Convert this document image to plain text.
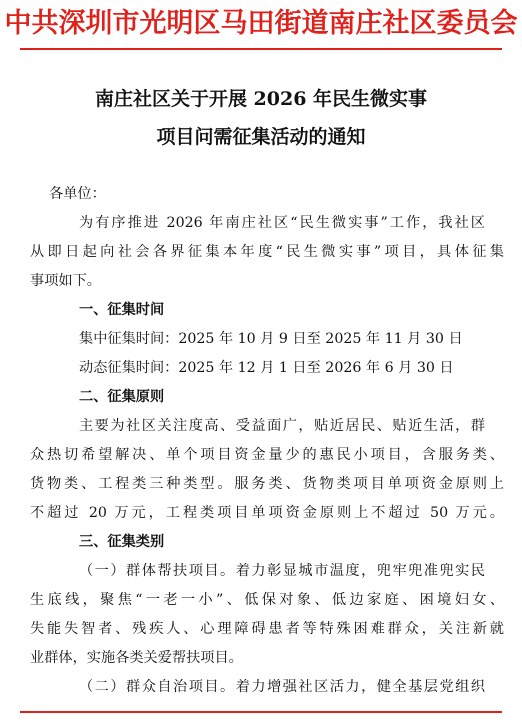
中共深圳市光明区马田街道南庄社区委员会
南庄社区关于开展 2026 年民生微实事
项目问需征集活动的通知
各单位：
为有序推进 2026 年南庄社区“民生微实事”工作，我社区
从即日起向社会各界征集本年度“民生微实事”项目，具体征集
事项如下。
一、征集时间
集中征集时间：2025 年 10 月 9 日至 2025 年 11 月 30 日
动态征集时间：2025 年 12 月 1 日至 2026 年 6 月 30 日
二、征集原则
主要为社区关注度高、受益面广，贴近居民、贴近生活，群
众热切希望解决、单个项目资金量少的惠民小项目，含服务类、
货物类、工程类三种类型。服务类、货物类项目单项资金原则上
不超过 20 万元，工程类项目单项资金原则上不超过 50 万元。
三、征集类别
（一）群体帮扶项目。着力彰显城市温度，兜牢兜准兜实民
生底线，聚焦“一老一小”、低保对象、低边家庭、困境妇女、
失能失智者、残疾人、心理障碍患者等特殊困难群众，关注新就
业群体，实施各类关爱帮扶项目。
（二）群众自治项目。着力增强社区活力，健全基层党组织
